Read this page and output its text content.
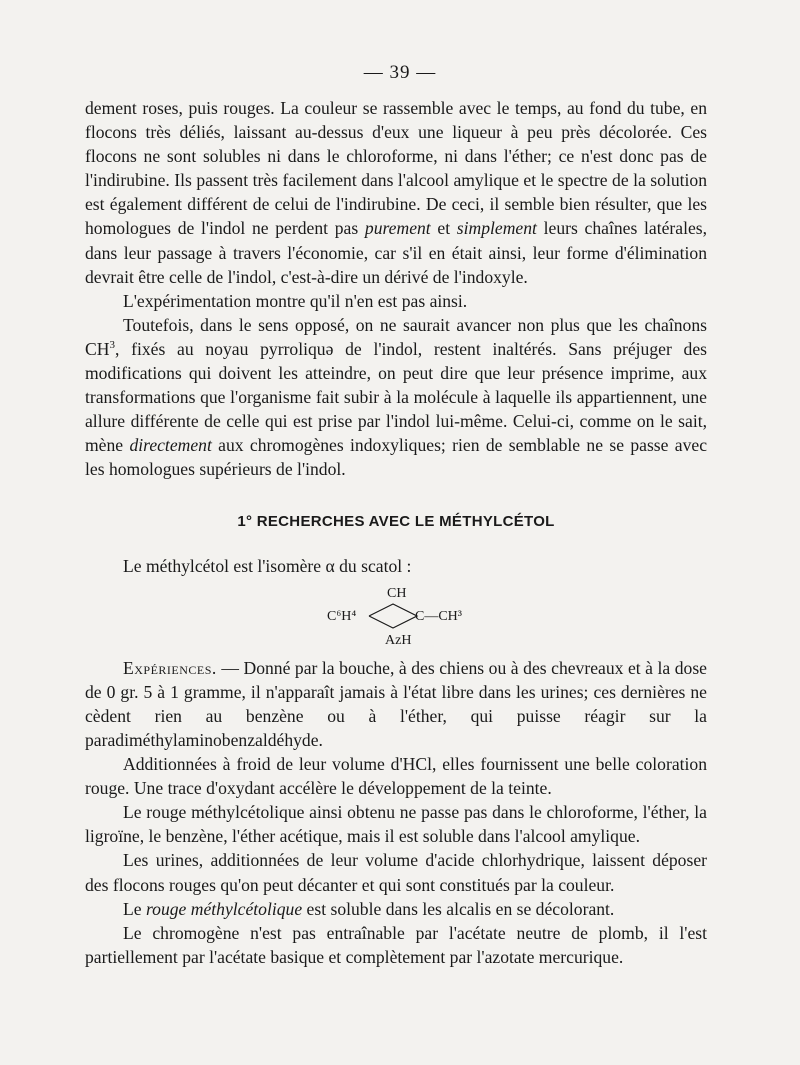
— 39 —

dement roses, puis rouges. La couleur se rassemble avec le temps, au fond du tube, en flocons très déliés, laissant au-dessus d'eux une liqueur à peu près décolorée. Ces flocons ne sont solubles ni dans le chloroforme, ni dans l'éther; ce n'est donc pas de l'indirubine. Ils passent très facilement dans l'alcool amylique et le spectre de la solution est également différent de celui de l'indirubine. De ceci, il semble bien résulter, que les homologues de l'indol ne perdent pas purement et simplement leurs chaînes latérales, dans leur passage à travers l'économie, car s'il en était ainsi, leur forme d'élimination devrait être celle de l'indol, c'est-à-dire un dérivé de l'indoxyle.

L'expérimentation montre qu'il n'en est pas ainsi.

Toutefois, dans le sens opposé, on ne saurait avancer non plus que les chaînons $CH^3$, fixés au noyau pyrroliquə de l'indol, restent inaltérés. Sans préjuger des modifications qui doivent les atteindre, on peut dire que leur présence imprime, aux transformations que l'organisme fait subir à la molécule à laquelle ils appartiennent, une allure différente de celle qui est prise par l'indol lui-même. Celui-ci, comme on le sait, mène directement aux chromogènes indoxyliques; rien de semblable ne se passe avec les homologues supérieurs de l'indol.

1° RECHERCHES AVEC LE MÉTHYLCÉTOL

Le méthylcétol est l'isomère α du scatol :

CH
C⁶H⁴	C—CH³
AzH

Expériences. — Donné par la bouche, à des chiens ou à des chevreaux et à la dose de 0 gr. 5 à 1 gramme, il n'apparaît jamais à l'état libre dans les urines; ces dernières ne cèdent rien au benzène ou à l'éther, qui puisse réagir sur la paradiméthylaminobenzaldéhyde.

Additionnées à froid de leur volume d'HCl, elles fournissent une belle coloration rouge. Une trace d'oxydant accélère le développement de la teinte.

Le rouge méthylcétolique ainsi obtenu ne passe pas dans le chloroforme, l'éther, la ligroïne, le benzène, l'éther acétique, mais il est soluble dans l'alcool amylique.

Les urines, additionnées de leur volume d'acide chlorhydrique, laissent déposer des flocons rouges qu'on peut décanter et qui sont constitués par la couleur.

Le rouge méthylcétolique est soluble dans les alcalis en se décolorant.

Le chromogène n'est pas entraînable par l'acétate neutre de plomb, il l'est partiellement par l'acétate basique et complètement par l'azotate mercurique.
